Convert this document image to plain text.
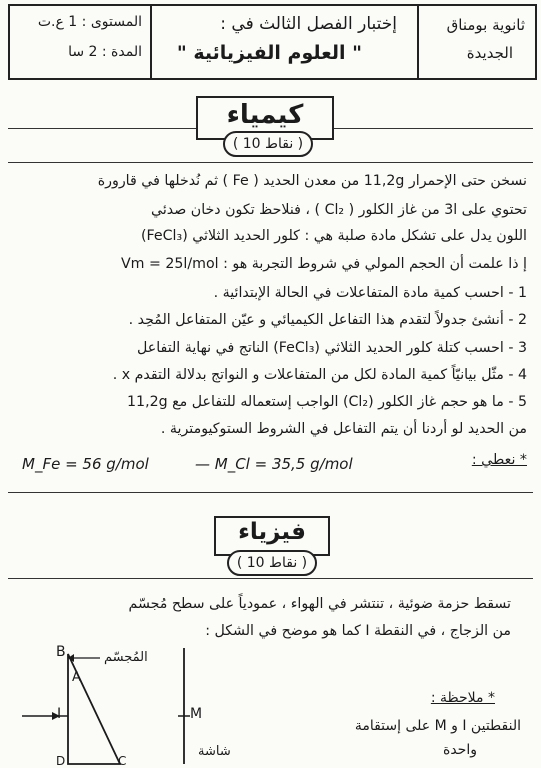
ثانوية بومناق
الجديدة
إختبار الفصل الثالث في :
" العلوم الفيزيائية "
المستوى : 1 ع.ت
المدة : 2 سا
كيمياء
( 10 نقاط )
نسخن حتى الإحمرار 11,2g من معدن الحديد ( Fe ) ثم نُدخلها في قارورة
تحتوي على 3l من غاز الكلور ( Cl₂ ) ، فنلاحظ تكون دخان صدئي
اللون يدل على تشكل مادة صلبة هي : كلور الحديد الثلاثي (FeCl₃)
إ ذا علمت أن الحجم المولي في شروط التجربة هو : Vm = 25l/mol
1 - احسب كمية مادة المتفاعلات في الحالة الإبتدائية .
2 - أنشئ جدولاً لتقدم هذا التفاعل الكيميائي و عيّن المتفاعل المُحِد .
3 - احسب كتلة كلور الحديد الثلاثي (FeCl₃) الناتج في نهاية التفاعل
4 - مثّل بيانيّاً كمية المادة لكل من المتفاعلات و النواتج بدلالة التقدم x .
5 - ما هو حجم غاز الكلور (Cl₂) الواجب إستعماله للتفاعل مع 11,2g
من الحديد لو أردنا أن يتم التفاعل في الشروط الستوكيومترية .
* نعطي :
M_Fe = 56 g/mol	— M_Cl = 35,5 g/mol
فيزياء
( 10 نقاط )
تسقط حزمة ضوئية ، تنتشر في الهواء ، عمودياً على سطح مُجسّم
من الزجاج ، في النقطة I كما هو موضح في الشكل :
B
A
I
D	C
المُجسّم
M
شاشة
* ملاحظة :
النقطتين I و M على إستقامة
واحدة
